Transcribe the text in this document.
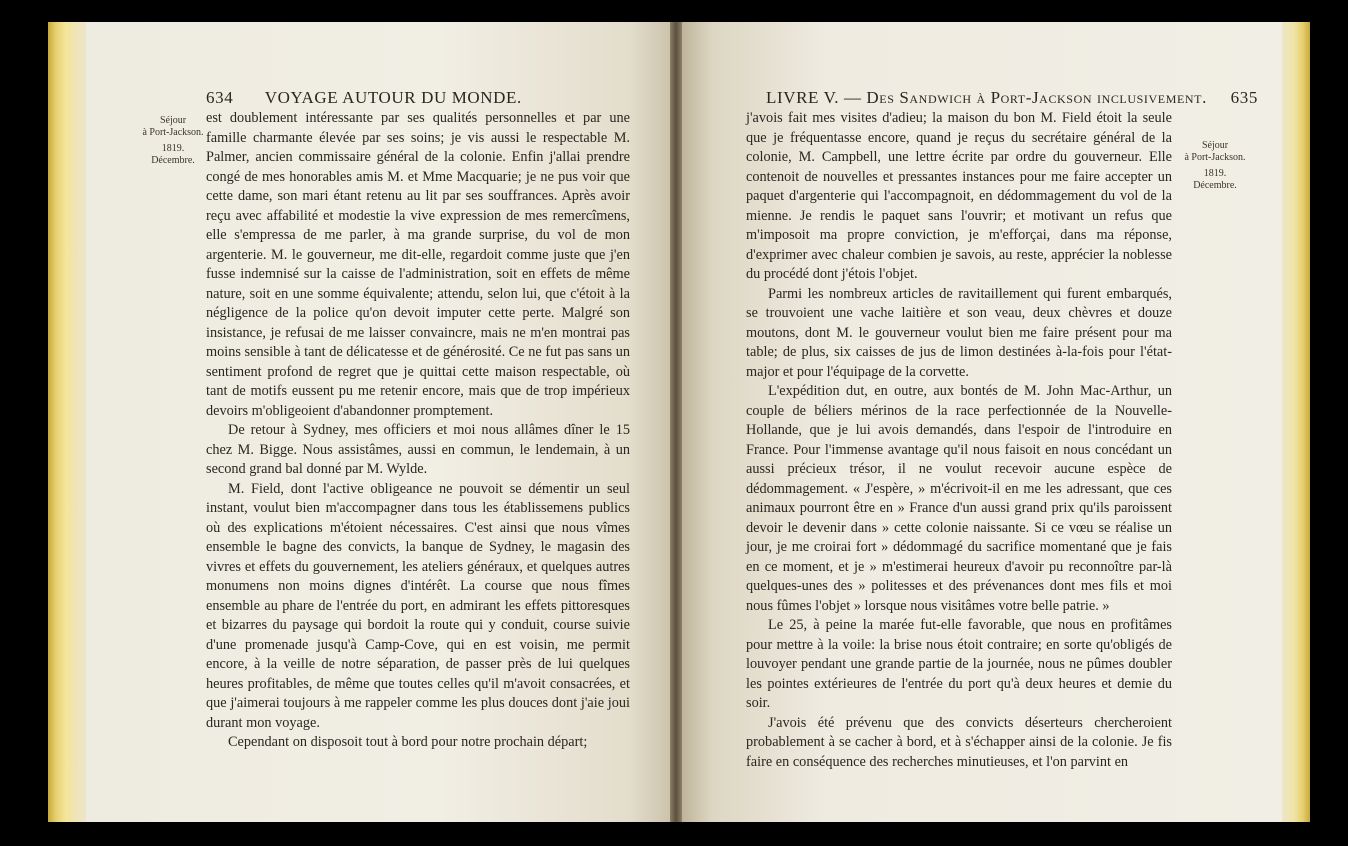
634 VOYAGE AUTOUR DU MONDE.
Séjour
à Port-Jackson.
1819.
Décembre.

est doublement intéressante par ses qualités personnelles et par une famille charmante élevée par ses soins; je vis aussi le respectable M. Palmer, ancien commissaire général de la colonie. Enfin j'allai prendre congé de mes honorables amis M. et Mme Macquarie; je ne pus voir que cette dame, son mari étant retenu au lit par ses souffrances. Après avoir reçu avec affabilité et modestie la vive expression de mes remercîmens, elle s'empressa de me parler, à ma grande surprise, du vol de mon argenterie. M. le gouverneur, me dit-elle, regardoit comme juste que j'en fusse indemnisé sur la caisse de l'administration, soit en effets de même nature, soit en une somme équivalente; attendu, selon lui, que c'étoit à la négligence de la police qu'on devoit imputer cette perte. Malgré son insistance, je refusai de me laisser convaincre, mais ne m'en montrai pas moins sensible à tant de délicatesse et de générosité. Ce ne fut pas sans un sentiment profond de regret que je quittai cette maison respectable, où tant de motifs eussent pu me retenir encore, mais que de trop impérieux devoirs m'obligeoient d'abandonner promptement.

De retour à Sydney, mes officiers et moi nous allâmes dîner le 15 chez M. Bigge. Nous assistâmes, aussi en commun, le lendemain, à un second grand bal donné par M. Wylde.

M. Field, dont l'active obligeance ne pouvoit se démentir un seul instant, voulut bien m'accompagner dans tous les établissemens publics où des explications m'étoient nécessaires. C'est ainsi que nous vîmes ensemble le bagne des convicts, la banque de Sydney, le magasin des vivres et effets du gouvernement, les ateliers généraux, et quelques autres monumens non moins dignes d'intérêt. La course que nous fîmes ensemble au phare de l'entrée du port, en admirant les effets pittoresques et bizarres du paysage qui bordoit la route qui y conduit, course suivie d'une promenade jusqu'à Camp-Cove, qui en est voisin, me permit encore, à la veille de notre séparation, de passer près de lui quelques heures profitables, de même que toutes celles qu'il m'avoit consacrées, et que j'aimerai toujours à me rappeler comme les plus douces dont j'aie joui durant mon voyage.

Cependant on disposoit tout à bord pour notre prochain départ;

LIVRE V. — Des Sandwich à Port-Jackson inclusivement. 635

j'avois fait mes visites d'adieu; la maison du bon M. Field étoit la seule que je fréquentasse encore, quand je reçus du secrétaire général de la colonie, M. Campbell, une lettre écrite par ordre du gouverneur. Elle contenoit de nouvelles et pressantes instances pour me faire accepter un paquet d'argenterie qui l'accompagnoit, en dédommagement du vol de la mienne. Je rendis le paquet sans l'ouvrir; et motivant un refus que m'imposoit ma propre conviction, je m'efforçai, dans ma réponse, d'exprimer avec chaleur combien je savois, au reste, apprécier la noblesse du procédé dont j'étois l'objet.

Parmi les nombreux articles de ravitaillement qui furent embarqués, se trouvoient une vache laitière et son veau, deux chèvres et douze moutons, dont M. le gouverneur voulut bien me faire présent pour ma table; de plus, six caisses de jus de limon destinées à-la-fois pour l'état-major et pour l'équipage de la corvette.

L'expédition dut, en outre, aux bontés de M. John Mac-Arthur, un couple de béliers mérinos de la race perfectionnée de la Nouvelle-Hollande, que je lui avois demandés, dans l'espoir de l'introduire en France. Pour l'immense avantage qu'il nous faisoit en nous concédant un aussi précieux trésor, il ne voulut recevoir aucune espèce de dédommagement. « J'espère, » m'écrivoit-il en me les adressant, que ces animaux pourront être en » France d'un aussi grand prix qu'ils paroissent devoir le devenir dans » cette colonie naissante. Si ce vœu se réalise un jour, je me croirai fort » dédommagé du sacrifice momentané que je fais en ce moment, et je » m'estimerai heureux d'avoir pu reconnoître par-là quelques-unes des » politesses et des prévenances dont mes fils et moi nous fûmes l'objet » lorsque nous visitâmes votre belle patrie. »

Le 25, à peine la marée fut-elle favorable, que nous en profitâmes pour mettre à la voile: la brise nous étoit contraire; en sorte qu'obligés de louvoyer pendant une grande partie de la journée, nous ne pûmes doubler les pointes extérieures de l'entrée du port qu'à deux heures et demie du soir.

J'avois été prévenu que des convicts déserteurs chercheroient probablement à se cacher à bord, et à s'échapper ainsi de la colonie. Je fis faire en conséquence des recherches minutieuses, et l'on parvint en

Séjour
à Port-Jackson.
1819.
Décembre.
